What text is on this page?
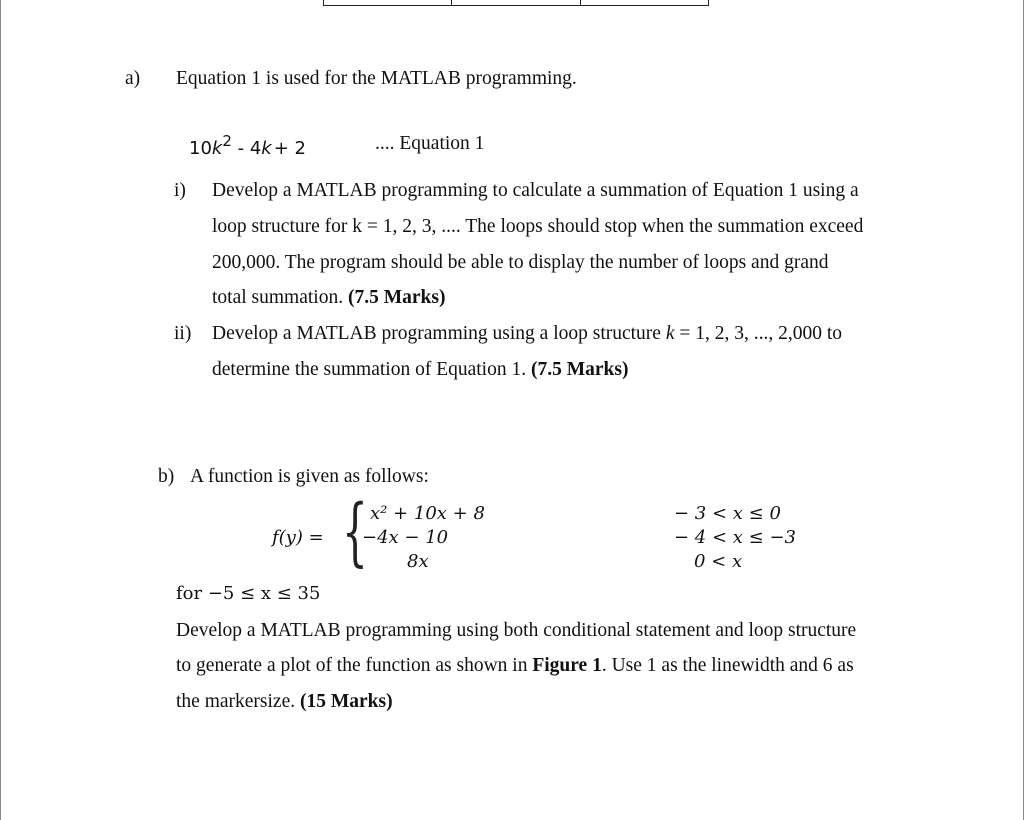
a) Equation 1 is used for the MATLAB programming.
$10k^2 - 4k + 2$	.... Equation 1
i) Develop a MATLAB programming to calculate a summation of Equation 1 using a
loop structure for k = 1, 2, 3, .... The loops should stop when the summation exceed
200,000. The program should be able to display the number of loops and grand
total summation. (7.5 Marks)
ii) Develop a MATLAB programming using a loop structure k = 1, 2, 3, ..., 2,000 to
determine the summation of Equation 1. (7.5 Marks)
b) A function is given as follows:
f(y) = { x² + 10x + 8
−4x − 10
8x
− 3 < x ≤ 0
− 4 < x ≤ −3
0 < x
for −5 ≤ x ≤ 35
Develop a MATLAB programming using both conditional statement and loop structure
to generate a plot of the function as shown in Figure 1. Use 1 as the linewidth and 6 as
the markersize. (15 Marks)
